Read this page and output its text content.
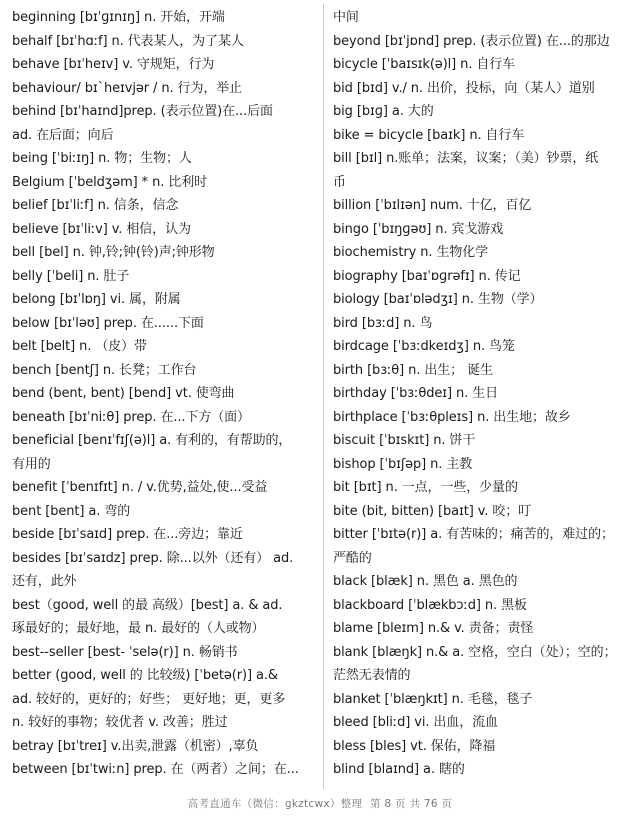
beginning [bɪˈɡɪnɪŋ] n. 开始，开端
behalf [bɪˈhɑːf] n. 代表某人，为了某人
behave [bɪˈheɪv] v. 守规矩，行为
behaviour/ bɪˋheɪvjər / n. 行为，举止
behind [bɪˈhaɪnd]prep. (表示位置)在...后面
ad. 在后面；向后
being [ˈbiːɪŋ] n. 物；生物；人
Belgium [ˈbeldʒəm] * n. 比利时
belief [bɪˈliːf] n. 信条，信念
believe [bɪˈliːv] v. 相信，认为
bell [bel] n. 钟,铃;钟(铃)声;钟形物
belly [ˈbeli] n. 肚子
belong [bɪˈlɒŋ] vi. 属，附属
below [bɪˈləʊ] prep. 在......下面
belt [belt] n. （皮）带
bench [bentʃ] n. 长凳；工作台
bend (bent, bent) [bend] vt. 使弯曲
beneath [bɪˈniːθ] prep. 在...下方（面）
beneficial [benɪˈfɪʃ(ə)l] a. 有利的，有帮助的，
有用的
benefit [ˈbenɪfɪt] n. / v.优势,益处,使...受益
bent [bent] a. 弯的
beside [bɪˈsaɪd] prep. 在...旁边；靠近
besides [bɪˈsaɪdz] prep. 除...以外（还有） ad.
还有，此外
best（good, well 的最 高级）[best] a. & ad.
琢最好的；最好地，最 n. 最好的（人或物）
best--seller [best- ˈselə(r)] n. 畅销书
better (good, well 的 比较级) [ˈbetə(r)] a.&
ad. 较好的，更好的；好些； 更好地；更，更多
n. 较好的事物；较优者 v. 改善；胜过
betray [bɪˈtreɪ] v.出卖,泄露（机密）,辜负
between [bɪˈtwiːn] prep. 在（两者）之间；在...
中间
beyond [bɪˈjɒnd] prep. (表示位置) 在...的那边
bicycle [ˈbaɪsɪk(ə)l] n. 自行车
bid [bɪd] v./ n. 出价，投标，向（某人）道别
big [bɪɡ] a. 大的
bike = bicycle [baɪk] n. 自行车
bill [bɪl] n.账单；法案，议案；（美）钞票，纸
币
billion [ˈbɪlɪən] num. 十亿，百亿
bingo [ˈbɪŋɡəʊ] n. 宾戈游戏
biochemistry n. 生物化学
biography [baɪˈɒɡrəfɪ] n. 传记
biology [baɪˈɒlədʒɪ] n. 生物（学）
bird [bɜːd] n. 鸟
birdcage [ˈbɜːdkeɪdʒ] n. 鸟笼
birth [bɜːθ] n. 出生； 诞生
birthday [ˈbɜːθdeɪ] n. 生日
birthplace [ˈbɜːθpleɪs] n. 出生地；故乡
biscuit [ˈbɪskɪt] n. 饼干
bishop [ˈbɪʃəp] n. 主教
bit [bɪt] n. 一点，一些，少量的
bite (bit, bitten) [baɪt] v. 咬；叮
bitter [ˈbɪtə(r)] a. 有苦味的；痛苦的，难过的；
严酷的
black [blæk] n. 黑色 a. 黑色的
blackboard [ˈblækbɔːd] n. 黑板
blame [bleɪm] n.& v. 责备；责怪
blank [blæŋk] n.& a. 空格，空白（处）；空的；
茫然无表情的
blanket [ˈblæŋkɪt] n. 毛毯，毯子
bleed [bliːd] vi. 出血，流血
bless [bles] vt. 保佑，降福
blind [blaɪnd] a. 瞎的
高考直通车（微信：gkztcwx）整理 第 8 页 共 76 页
